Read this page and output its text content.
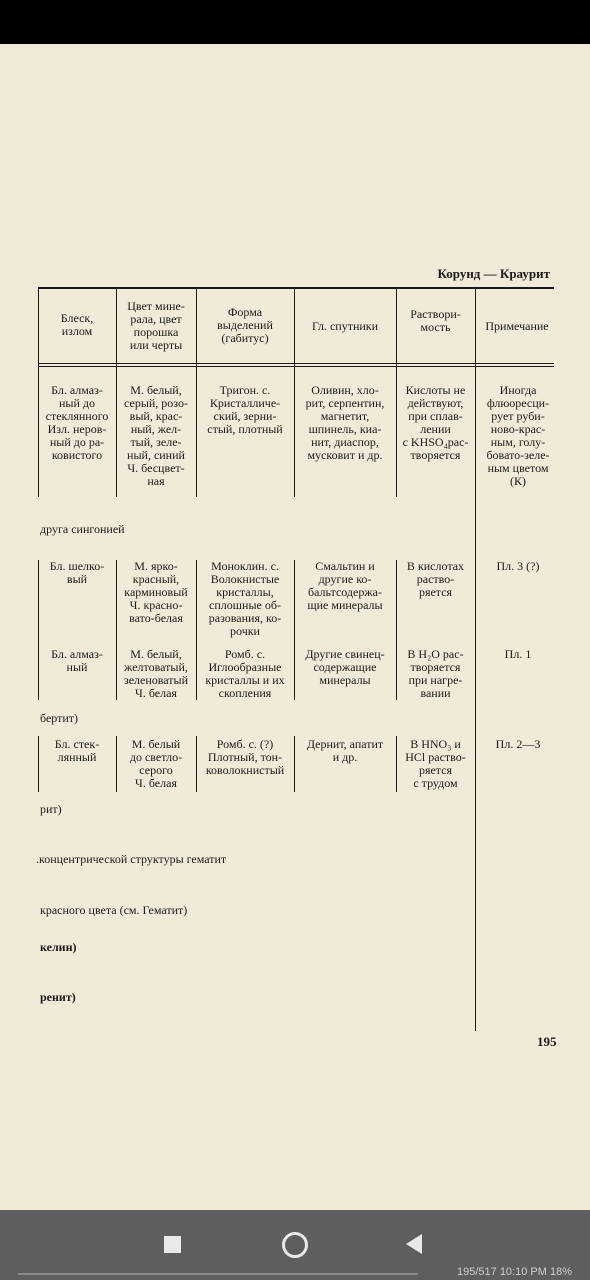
Корунд — Краурит
Блеск,
излом
Цвет мине-
рала, цвет
порошка
или черты
Форма
выделений
(габитус)
Гл. спутники
Раствори-
мость	Примечание
Бл. алмаз-
ный до
стеклянного
Изл. неров-
ный до ра-
ковистого
М. белый,
серый, розо-
вый, крас-
ный, жел-
тый, зеле-
ный, синий
Ч. бесцвет-
ная
Тригон. с.
Кристалличе-
ский, зерни-
стый, плотный
Оливин, хло-
рит, серпентин,
магнетит,
шпинель, киа-
нит, диаспор,
мусковит и др.
Кислоты не
действуют,
при сплав-
лении
с KHSO₄рас-
творяется
Иногда
флюоресци-
рует руби-
ново-крас-
ным, голу-
бовато-зеле-
ным цветом
(К)
друга сингонией
Бл. шелко-
вый
М. ярко-
красный,
карминовый
Ч. красно-
вато-белая
Моноклин. с.
Волокнистые
кристаллы,
сплошные об-
разования, ко-
рочки
Смальтин и
другие ко-
бальтсодержа-
щие минералы
В кислотах
раство-
ряется
Пл. 3 (?)
Бл. алмаз-
ный
М. белый,
желтоватый,
зеленоватый
Ч. белая
Ромб. с.
Иглообразные
кристаллы и их
скопления
Другие свинец-
содержащие
минералы
В H₂O рас-
творяется
при нагре-
вании
Пл. 1
бертит)
Бл. стек-
лянный
М. белый
до светло-
серого
Ч. белая
Ромб. с. (?)
Плотный, тон-
коволокнистый
Дернит, апатит
и др.
В HNO₃ и
HCl раство-
ряется
с трудом
Пл. 2—3
рит)
.концентрической структуры гематит
красного цвета (см. Гематит)
келин)
ренит)
195
195/517 10:10 PM 18%
